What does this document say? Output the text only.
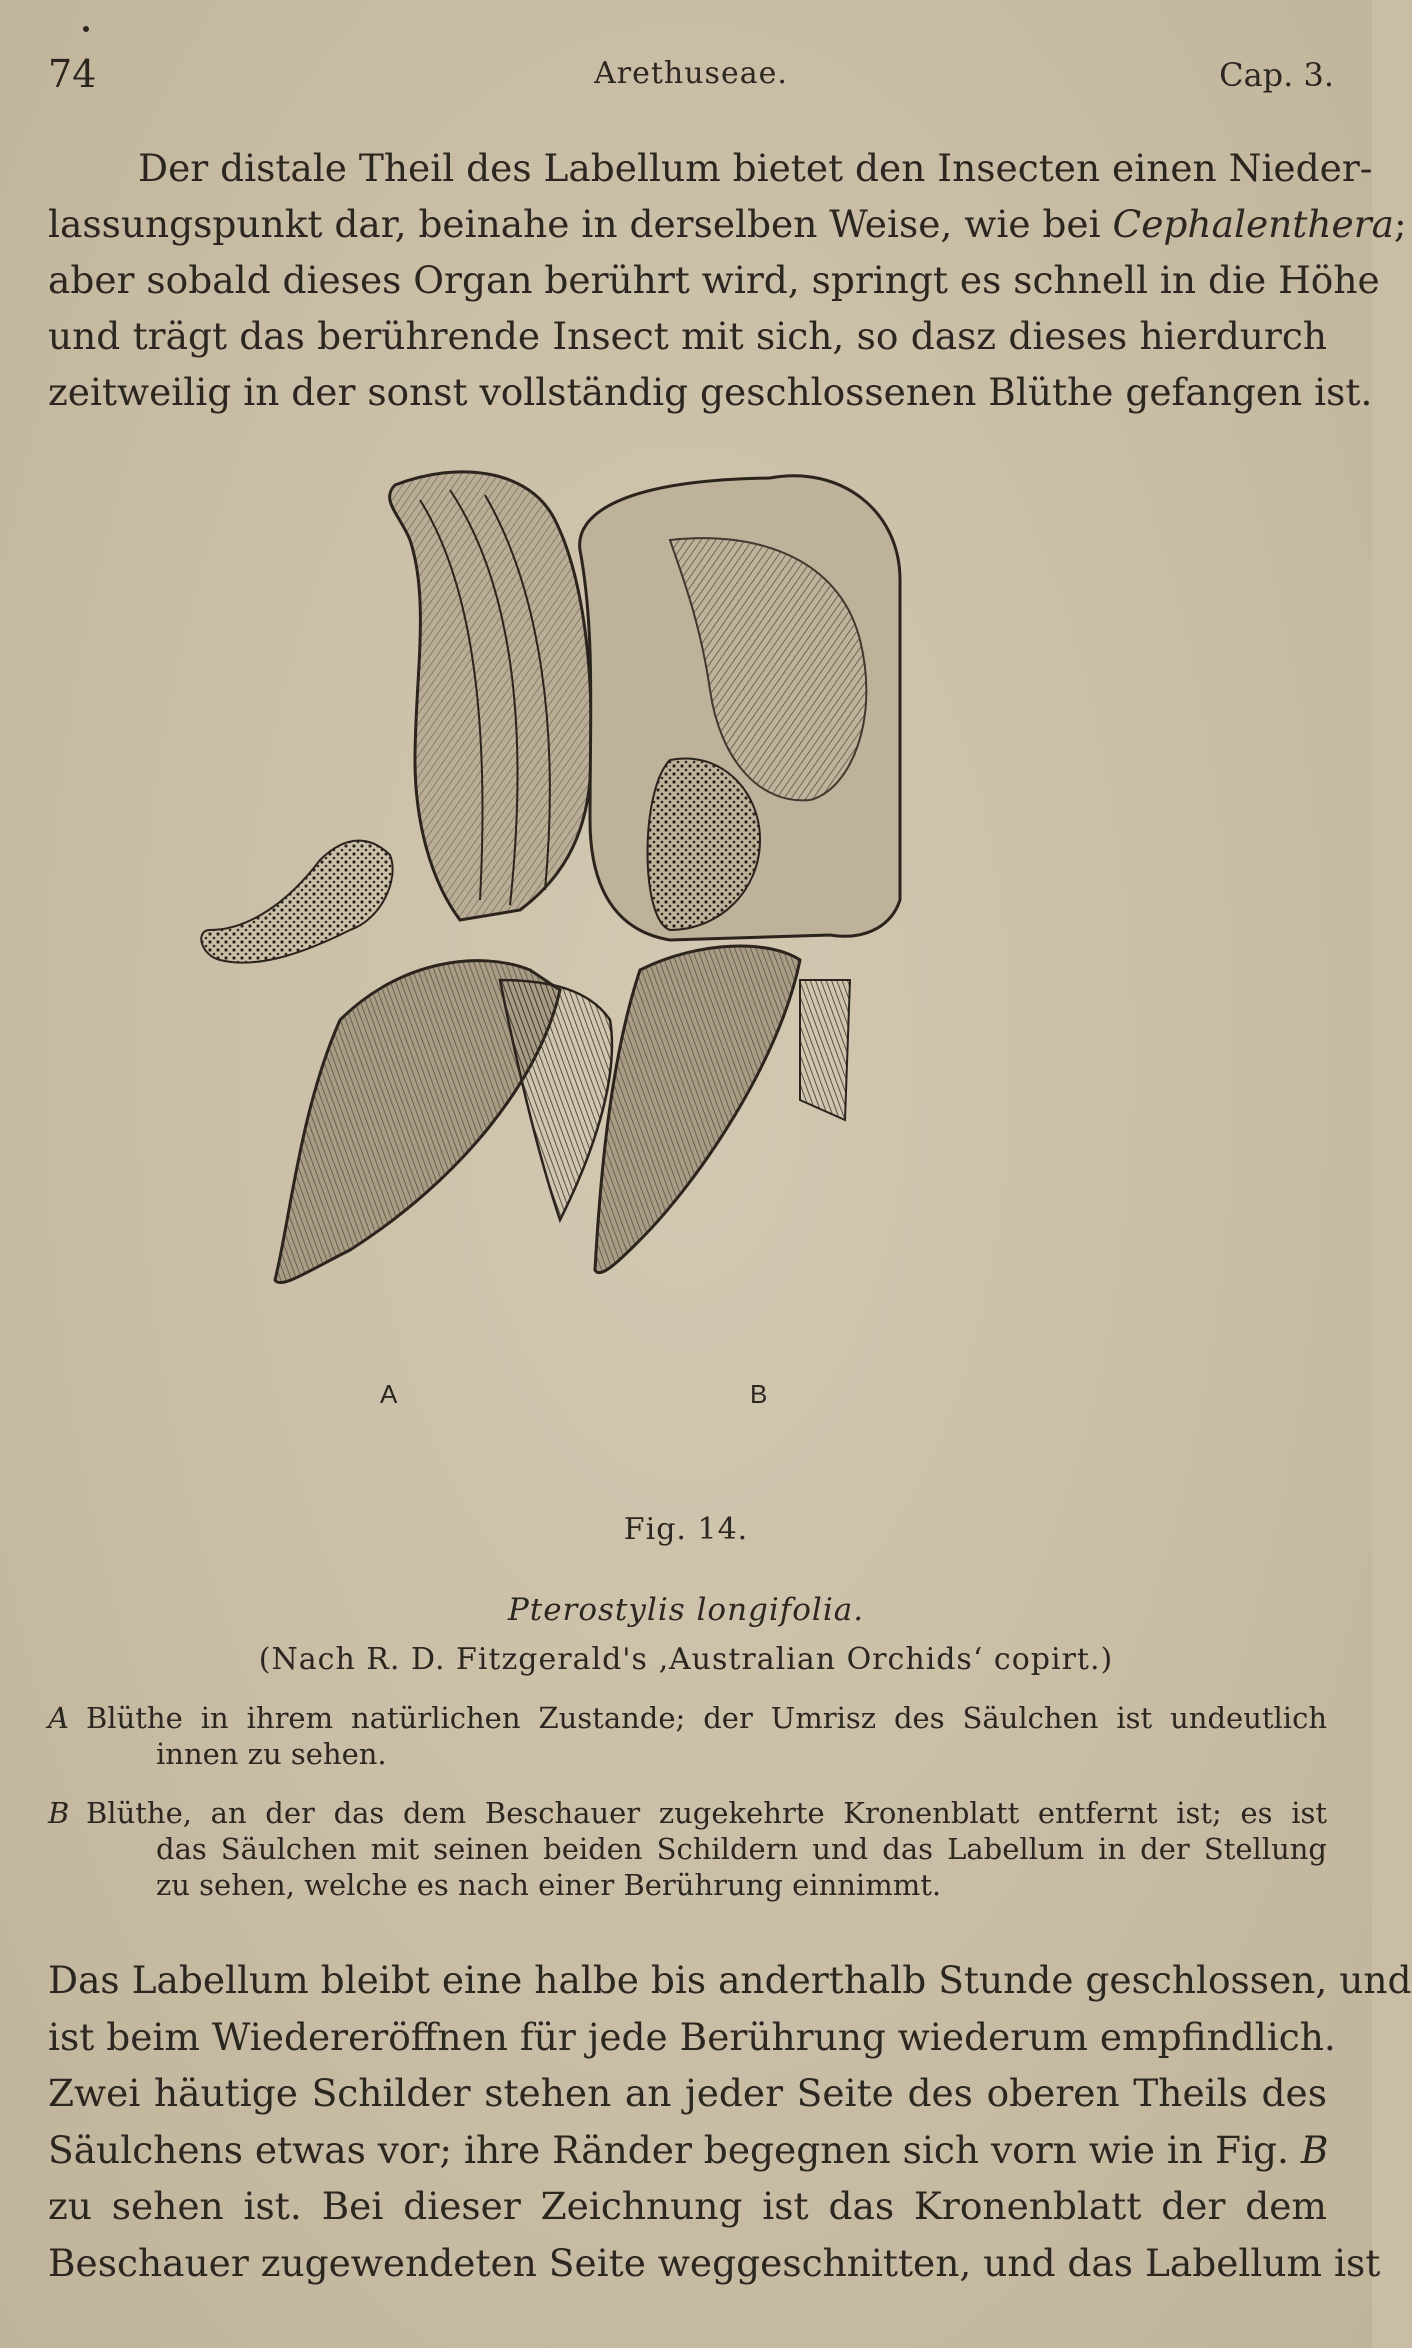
74	Arethuseae.	Cap. 3.
Der distale Theil des Labellum bietet den Insecten einen Nieder-
lassungspunkt dar, beinahe in derselben Weise, wie bei Cephalenthera;
aber sobald dieses Organ berührt wird, springt es schnell in die Höhe
und trägt das berührende Insect mit sich, so dasz dieses hierdurch
zeitweilig in der sonst vollständig geschlossenen Blüthe gefangen ist.
A	B
Fig. 14.
Pterostylis longifolia.
(Nach R. D. Fitzgerald's ‚Australian Orchids‘ copirt.)
A Blüthe in ihrem natürlichen Zustande; der Umrisz des Säulchen ist undeutlich
innen zu sehen.
B Blüthe, an der das dem Beschauer zugekehrte Kronenblatt entfernt ist; es ist
das Säulchen mit seinen beiden Schildern und das Labellum in der Stellung
zu sehen, welche es nach einer Berührung einnimmt.
Das Labellum bleibt eine halbe bis anderthalb Stunde geschlossen, und
ist beim Wiedereröffnen für jede Berührung wiederum empfindlich.
Zwei häutige Schilder stehen an jeder Seite des oberen Theils des
Säulchens etwas vor; ihre Ränder begegnen sich vorn wie in Fig. B
zu sehen ist. Bei dieser Zeichnung ist das Kronenblatt der dem
Beschauer zugewendeten Seite weggeschnitten, und das Labellum ist
